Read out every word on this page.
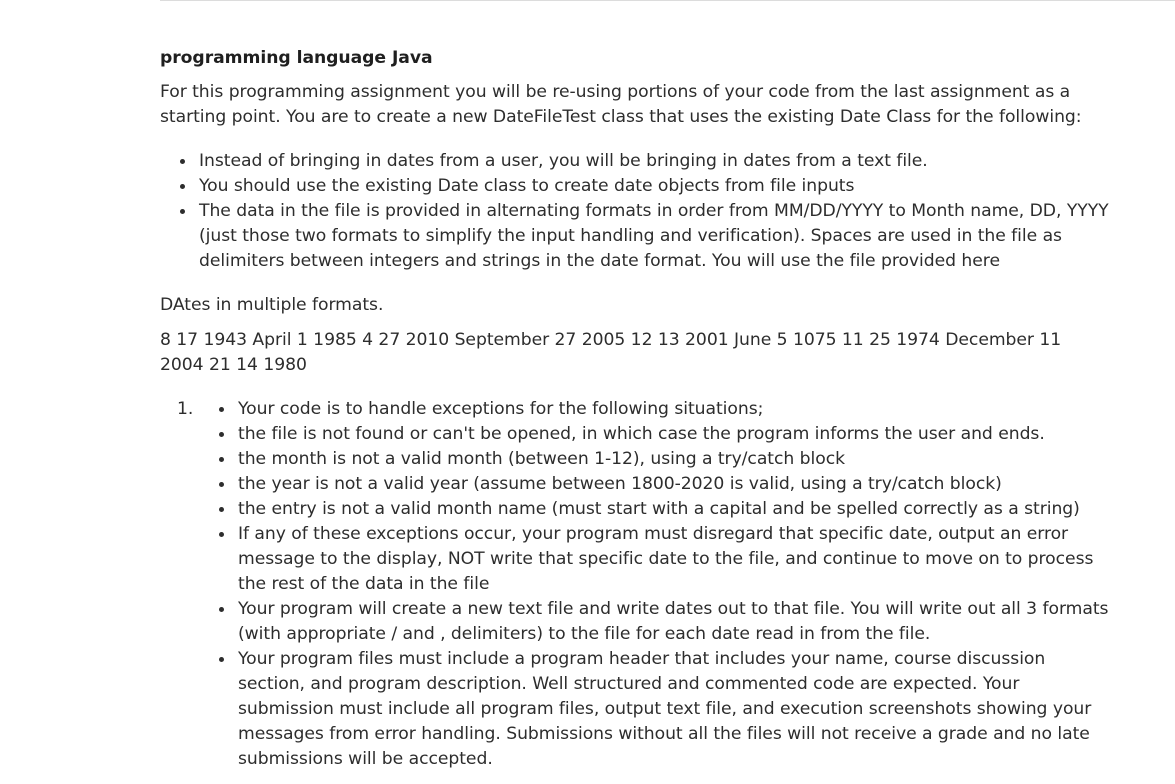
programming language Java

For this programming assignment you will be re-using portions of your code from the last assignment as a starting point. You are to create a new DateFileTest class that uses the existing Date Class for the following:

Instead of bringing in dates from a user, you will be bringing in dates from a text file.
You should use the existing Date class to create date objects from file inputs
The data in the file is provided in alternating formats in order from MM/DD/YYYY to Month name, DD, YYYY (just those two formats to simplify the input handling and verification). Spaces are used in the file as delimiters between integers and strings in the date format. You will use the file provided here

DAtes in multiple formats.

8 17 1943 April 1 1985 4 27 2010 September 27 2005 12 13 2001 June 5 1075 11 25 1974 December 11 2004 21 14 1980

1.	Your code is to handle exceptions for the following situations;
the file is not found or can't be opened, in which case the program informs the user and ends.
the month is not a valid month (between 1-12), using a try/catch block
the year is not a valid year (assume between 1800-2020 is valid, using a try/catch block)
the entry is not a valid month name (must start with a capital and be spelled correctly as a string)
If any of these exceptions occur, your program must disregard that specific date, output an error message to the display, NOT write that specific date to the file, and continue to move on to process the rest of the data in the file
Your program will create a new text file and write dates out to that file. You will write out all 3 formats (with appropriate / and , delimiters) to the file for each date read in from the file.
Your program files must include a program header that includes your name, course discussion section, and program description. Well structured and commented code are expected. Your submission must include all program files, output text file, and execution screenshots showing your messages from error handling. Submissions without all the files will not receive a grade and no late submissions will be accepted.
